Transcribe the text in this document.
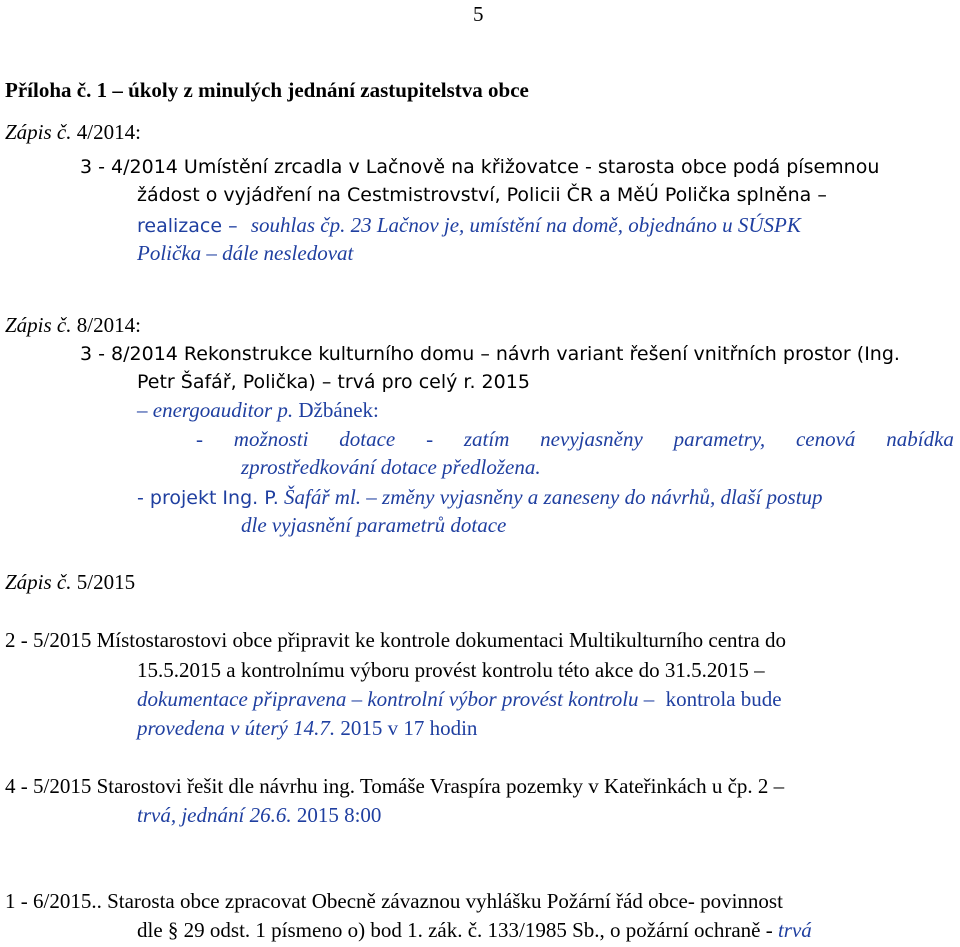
5
Příloha č. 1 – úkoly z minulých jednání zastupitelstva obce
Zápis č. 4/2014:
3 - 4/2014 Umístění zrcadla v Lačnově na křižovatce - starosta obce podá písemnou
žádost o vyjádření na Cestmistrovství, Policii ČR a MěÚ Polička splněna –
realizace – souhlas čp. 23 Lačnov je, umístění na domě, objednáno u SÚSPK
Polička – dále nesledovat
Zápis č. 8/2014:
3 - 8/2014 Rekonstrukce kulturního domu – návrh variant řešení vnitřních prostor (Ing.
Petr Šafář, Polička) – trvá pro celý r. 2015
– energoauditor p. Džbánek:
- možnosti dotace - zatím nevyjasněny parametry, cenová nabídka
zprostředkování dotace předložena.
- projekt Ing. P. Šafář ml. – změny vyjasněny a zaneseny do návrhů, dlaší postup
dle vyjasnění parametrů dotace
Zápis č. 5/2015
2 - 5/2015 Místostarostovi obce připravit ke kontrole dokumentaci Multikulturního centra do
15.5.2015 a kontrolnímu výboru provést kontrolu této akce do 31.5.2015 –
dokumentace připravena – kontrolní výbor provést kontrolu – kontrola bude
provedena v úterý 14.7. 2015 v 17 hodin
4 - 5/2015 Starostovi řešit dle návrhu ing. Tomáše Vraspíra pozemky v Kateřinkách u čp. 2 –
trvá, jednání 26.6. 2015 8:00
1 - 6/2015.. Starosta obce zpracovat Obecně závaznou vyhlášku Požární řád obce- povinnost
dle § 29 odst. 1 písmeno o) bod 1. zák. č. 133/1985 Sb., o požární ochraně - trvá
